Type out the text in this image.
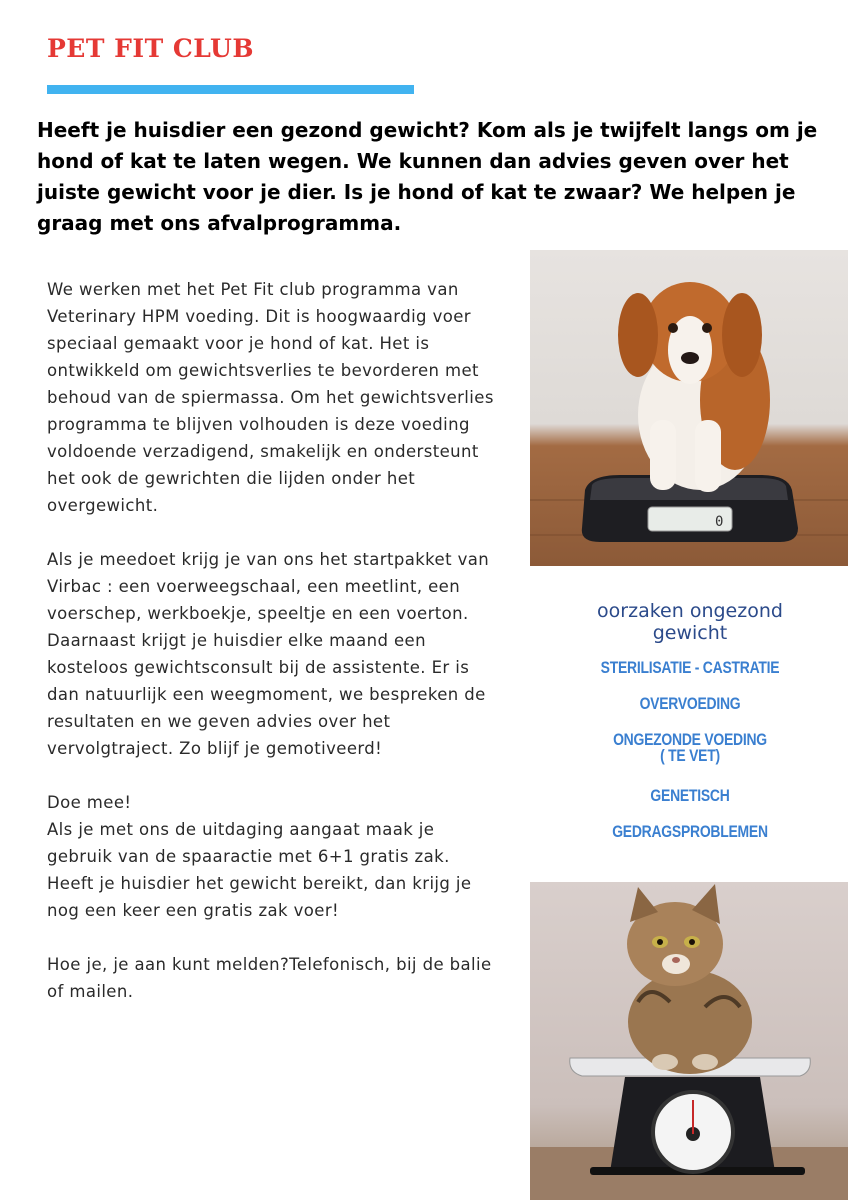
PET FIT CLUB
Heeft je huisdier een gezond gewicht? Kom als je twijfelt langs om je hond of kat te laten wegen. We kunnen dan advies geven over het juiste gewicht voor je dier. Is je hond of kat te zwaar? We helpen je graag met ons afvalprogramma.

We werken met het Pet Fit club programma van Veterinary HPM voeding. Dit is hoogwaardig voer speciaal gemaakt voor je hond of kat. Het is ontwikkeld om gewichtsverlies te bevorderen met behoud van de spiermassa. Om het gewichtsverlies programma te blijven volhouden is deze voeding voldoende verzadigend, smakelijk en ondersteunt het ook de gewrichten die lijden onder het overgewicht.

Als je meedoet krijg je van ons het startpakket van Virbac : een voerweegschaal, een meetlint, een voerschep, werkboekje, speeltje en een voerton. Daarnaast krijgt je huisdier elke maand een kosteloos gewichtsconsult bij de assistente. Er is dan natuurlijk een weegmoment, we bespreken de resultaten en we geven advies over het vervolgtraject. Zo blijf je gemotiveerd!

Doe mee!
Als je met ons de uitdaging aangaat maak je gebruik van de spaaractie met 6+1 gratis zak. Heeft je huisdier het gewicht bereikt, dan krijg je nog een keer een gratis zak voer!

Hoe je, je aan kunt melden?Telefonisch, bij de balie of mailen.

0
oorzaken ongezond gewicht
STERILISATIE - CASTRATIE
OVERVOEDING
ONGEZONDE VOEDING
( TE VET)
GENETISCH
GEDRAGSPROBLEMEN
